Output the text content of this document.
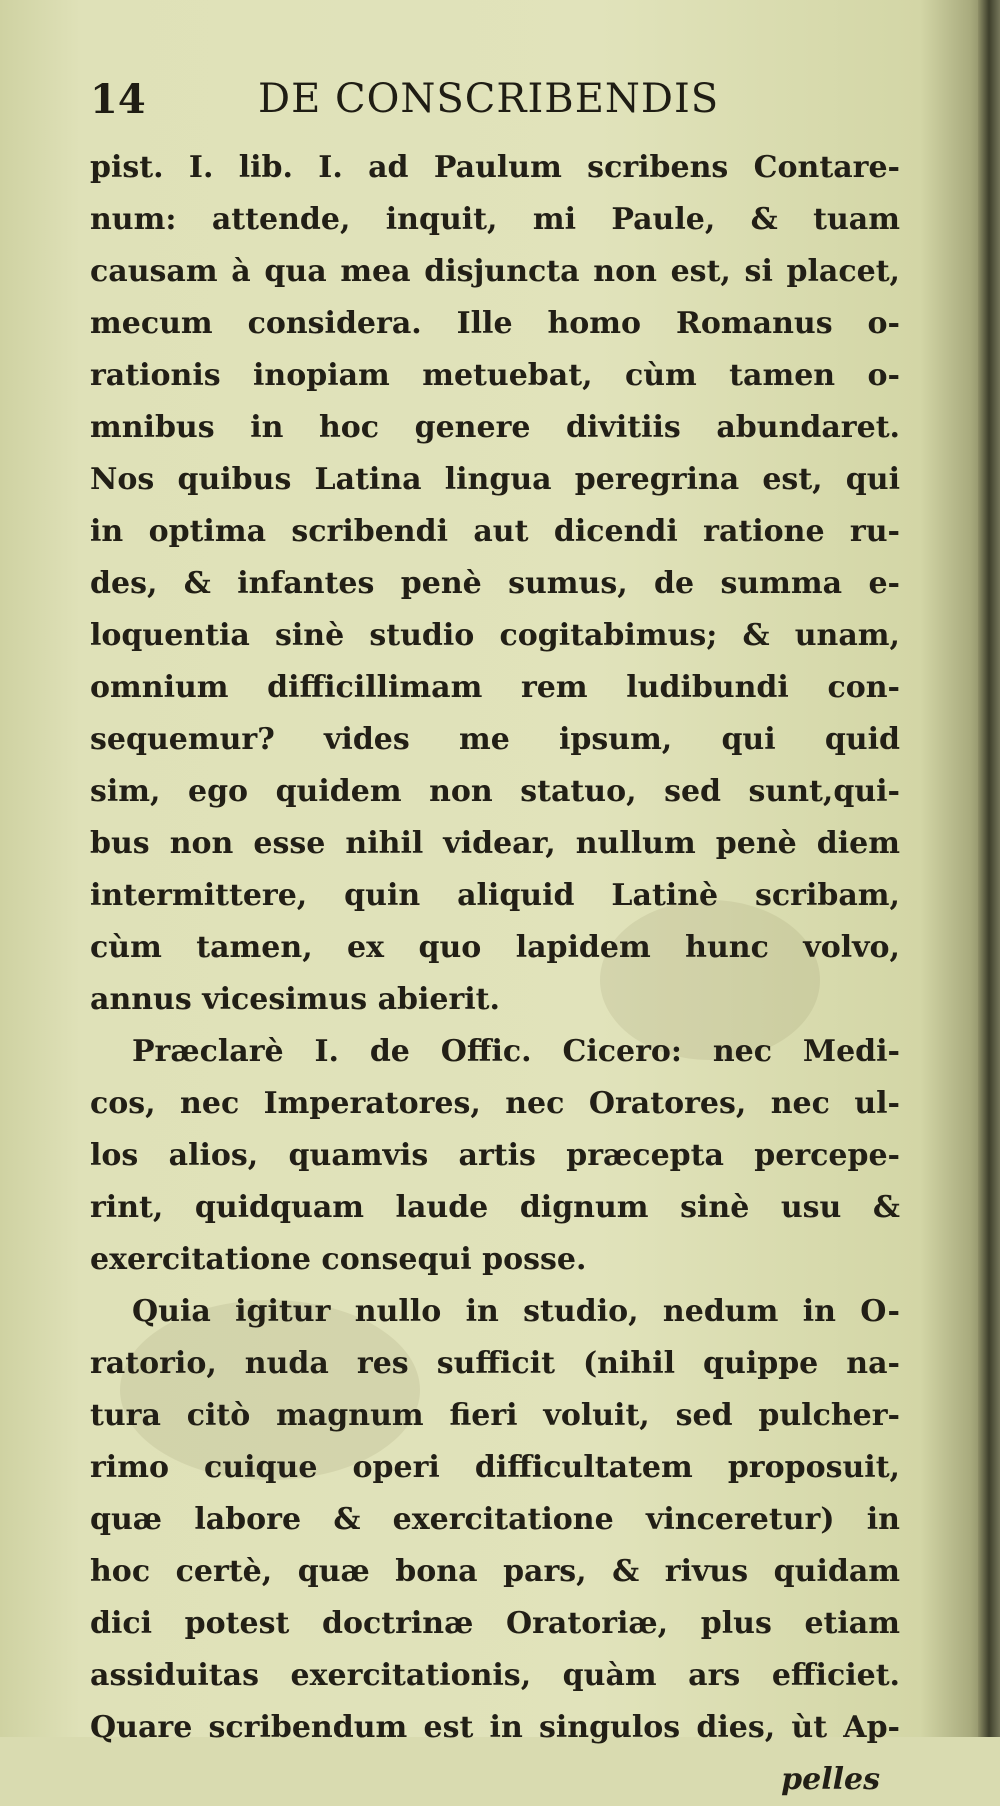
14	DE CONSCRIBENDIS
pist. I. lib. I. ad Paulum scribens Contare-
num: attende, inquit, mi Paule, & tuam
causam à qua mea disjuncta non est, si placet,
mecum considera. Ille homo Romanus o-
rationis inopiam metuebat, cùm tamen o-
mnibus in hoc genere divitiis abundaret.
Nos quibus Latina lingua peregrina est, qui
in optima scribendi aut dicendi ratione ru-
des, & infantes penè sumus, de summa e-
loquentia sinè studio cogitabimus; & unam,
omnium difficillimam rem ludibundi con-
sequemur? vides me ipsum, qui quid
sim, ego quidem non statuo, sed sunt,qui-
bus non esse nihil videar, nullum penè diem
intermittere, quin aliquid Latinè scribam,
cùm tamen, ex quo lapidem hunc volvo,
annus vicesimus abierit.
Præclarè I. de Offic. Cicero: nec Medi-
cos, nec Imperatores, nec Oratores, nec ul-
los alios, quamvis artis præcepta percepe-
rint, quidquam laude dignum sinè usu &
exercitatione consequi posse.
Quia igitur nullo in studio, nedum in O-
ratorio, nuda res sufficit (nihil quippe na-
tura citò magnum fieri voluit, sed pulcher-
rimo cuique operi difficultatem proposuit,
quæ labore & exercitatione vinceretur) in
hoc certè, quæ bona pars, & rivus quidam
dici potest doctrinæ Oratoriæ, plus etiam
assiduitas exercitationis, quàm ars efficiet.
Quare scribendum est in singulos dies, ùt Ap-
pelles
